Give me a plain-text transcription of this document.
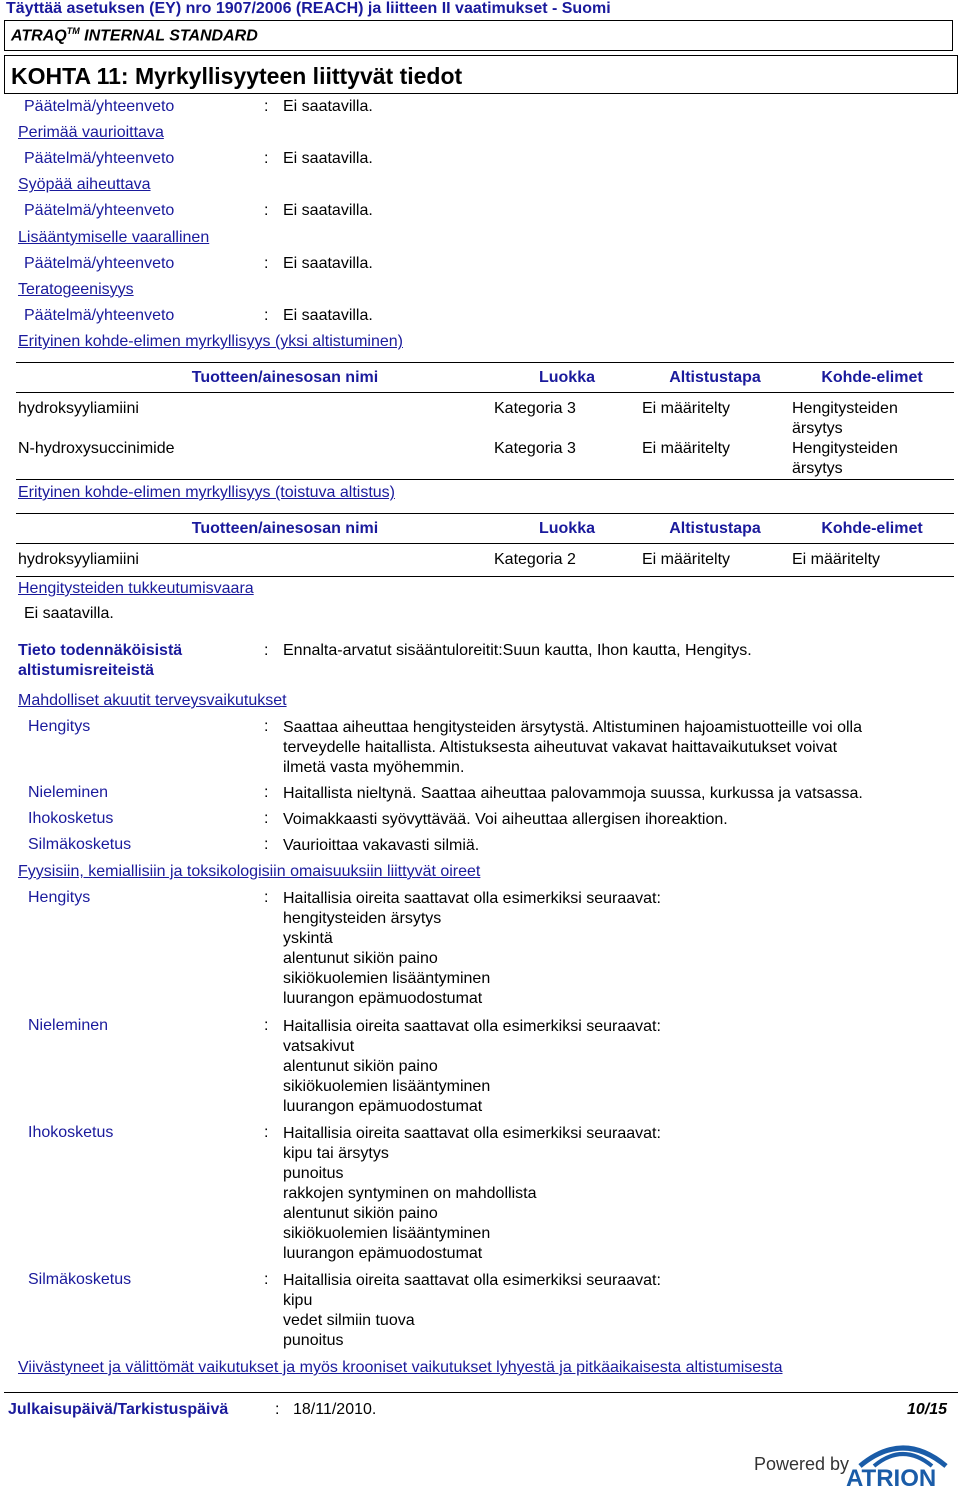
Täyttää asetuksen (EY) nro 1907/2006 (REACH) ja liitteen II vaatimukset - Suomi
ATRAQ™ INTERNAL STANDARD
KOHTA 11: Myrkyllisyyteen liittyvät tiedot
Päätelmä/yhteenveto	: Ei saatavilla.
Perimää vaurioittava
Päätelmä/yhteenveto	: Ei saatavilla.
Syöpää aiheuttava
Päätelmä/yhteenveto	: Ei saatavilla.
Lisääntymiselle vaarallinen
Päätelmä/yhteenveto	: Ei saatavilla.
Teratogeenisyys
Päätelmä/yhteenveto	: Ei saatavilla.
Erityinen kohde-elimen myrkyllisyys (yksi altistuminen)
Tuotteen/ainesosan nimi	Luokka	Altistustapa	Kohde-elimet
hydroksyyliamiini	Kategoria 3	Ei määritelty	Hengitysteiden ärsytys
N-hydroxysuccinimide	Kategoria 3	Ei määritelty	Hengitysteiden ärsytys
Erityinen kohde-elimen myrkyllisyys (toistuva altistus)
Tuotteen/ainesosan nimi	Luokka	Altistustapa	Kohde-elimet
hydroksyyliamiini	Kategoria 2	Ei määritelty	Ei määritelty
Hengitysteiden tukkeutumisvaara
Ei saatavilla.
Tieto todennäköisistä
altistumisreiteistä
: Ennalta-arvatut sisääntuloreitit:Suun kautta, Ihon kautta, Hengitys.
Mahdolliset akuutit terveysvaikutukset
Hengitys	: Saattaa aiheuttaa hengitysteiden ärsytystä. Altistuminen hajoamistuotteille voi olla
terveydelle haitallista. Altistuksesta aiheutuvat vakavat haittavaikutukset voivat
ilmetä vasta myöhemmin.
Nieleminen	: Haitallista nieltynä. Saattaa aiheuttaa palovammoja suussa, kurkussa ja vatsassa.
Ihokosketus	: Voimakkaasti syövyttävää. Voi aiheuttaa allergisen ihoreaktion.
Silmäkosketus	: Vaurioittaa vakavasti silmiä.
Fyysisiin, kemiallisiin ja toksikologisiin omaisuuksiin liittyvät oireet
Hengitys	: Haitallisia oireita saattavat olla esimerkiksi seuraavat:
hengitysteiden ärsytys
yskintä
alentunut sikiön paino
sikiökuolemien lisääntyminen
luurangon epämuodostumat
Nieleminen	: Haitallisia oireita saattavat olla esimerkiksi seuraavat:
vatsakivut
alentunut sikiön paino
sikiökuolemien lisääntyminen
luurangon epämuodostumat
Ihokosketus	: Haitallisia oireita saattavat olla esimerkiksi seuraavat:
kipu tai ärsytys
punoitus
rakkojen syntyminen on mahdollista
alentunut sikiön paino
sikiökuolemien lisääntyminen
luurangon epämuodostumat
Silmäkosketus	: Haitallisia oireita saattavat olla esimerkiksi seuraavat:
kipu
vedet silmiin tuova
punoitus
Viivästyneet ja välittömät vaikutukset ja myös krooniset vaikutukset lyhyestä ja pitkäaikaisesta altistumisesta
Julkaisupäivä/Tarkistuspäivä	: 18/11/2010.	10/15
Powered by
ATRION
